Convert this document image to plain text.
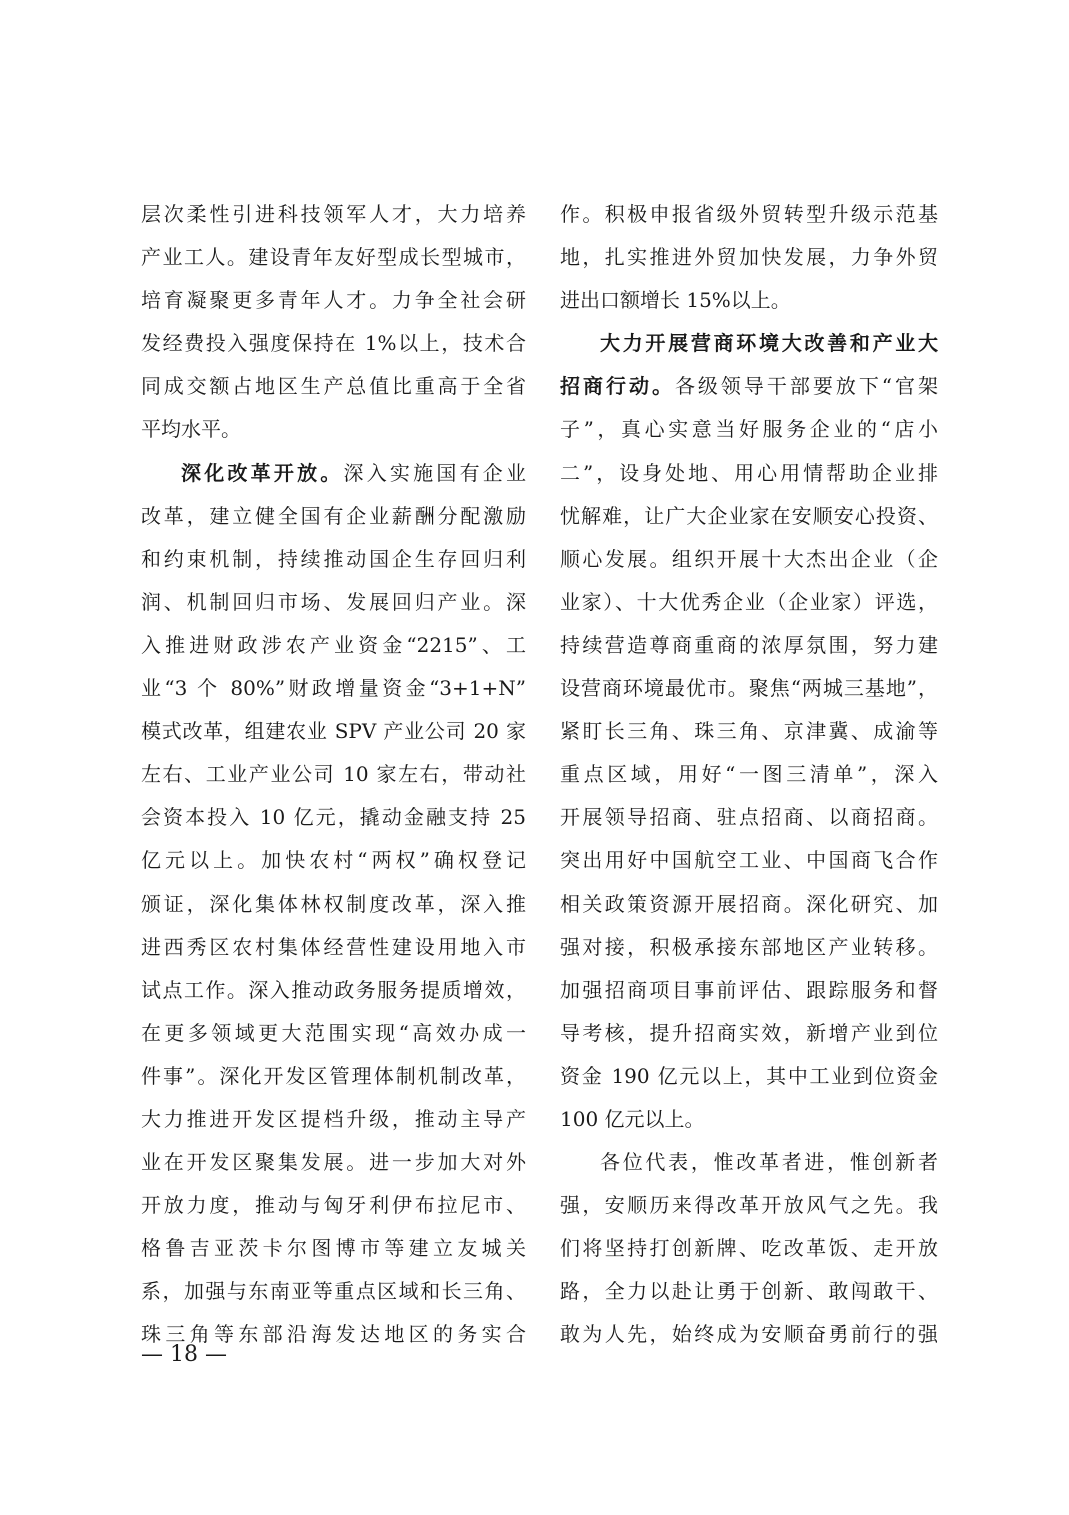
层次柔性引进科技领军人才，大力培养
产业工人。建设青年友好型成长型城市，
培育凝聚更多青年人才。力争全社会研
发经费投入强度保持在 1%以上，技术合
同成交额占地区生产总值比重高于全省
平均水平。
深化改革开放。深入实施国有企业
改革，建立健全国有企业薪酬分配激励
和约束机制，持续推动国企生存回归利
润、机制回归市场、发展回归产业。深
入推进财政涉农产业资金“2215”、工
业“3 个 80%”财政增量资金“3+1+N”
模式改革，组建农业 SPV 产业公司 20 家
左右、工业产业公司 10 家左右，带动社
会资本投入 10 亿元，撬动金融支持 25
亿元以上。加快农村“两权”确权登记
颁证，深化集体林权制度改革，深入推
进西秀区农村集体经营性建设用地入市
试点工作。深入推动政务服务提质增效，
在更多领域更大范围实现“高效办成一
件事”。深化开发区管理体制机制改革，
大力推进开发区提档升级，推动主导产
业在开发区聚集发展。进一步加大对外
开放力度，推动与匈牙利伊布拉尼市、
格鲁吉亚茨卡尔图博市等建立友城关
系，加强与东南亚等重点区域和长三角、
珠三角等东部沿海发达地区的务实合
作。积极申报省级外贸转型升级示范基
地，扎实推进外贸加快发展，力争外贸
进出口额增长 15%以上。
大力开展营商环境大改善和产业大
招商行动。各级领导干部要放下“官架
子”，真心实意当好服务企业的“店小
二”，设身处地、用心用情帮助企业排
忧解难，让广大企业家在安顺安心投资、
顺心发展。组织开展十大杰出企业（企
业家）、十大优秀企业（企业家）评选，
持续营造尊商重商的浓厚氛围，努力建
设营商环境最优市。聚焦“两城三基地”，
紧盯长三角、珠三角、京津冀、成渝等
重点区域，用好“一图三清单”，深入
开展领导招商、驻点招商、以商招商。
突出用好中国航空工业、中国商飞合作
相关政策资源开展招商。深化研究、加
强对接，积极承接东部地区产业转移。
加强招商项目事前评估、跟踪服务和督
导考核，提升招商实效，新增产业到位
资金 190 亿元以上，其中工业到位资金
100 亿元以上。
各位代表，惟改革者进，惟创新者
强，安顺历来得改革开放风气之先。我
们将坚持打创新牌、吃改革饭、走开放
路，全力以赴让勇于创新、敢闯敢干、
敢为人先，始终成为安顺奋勇前行的强
— 18 —
